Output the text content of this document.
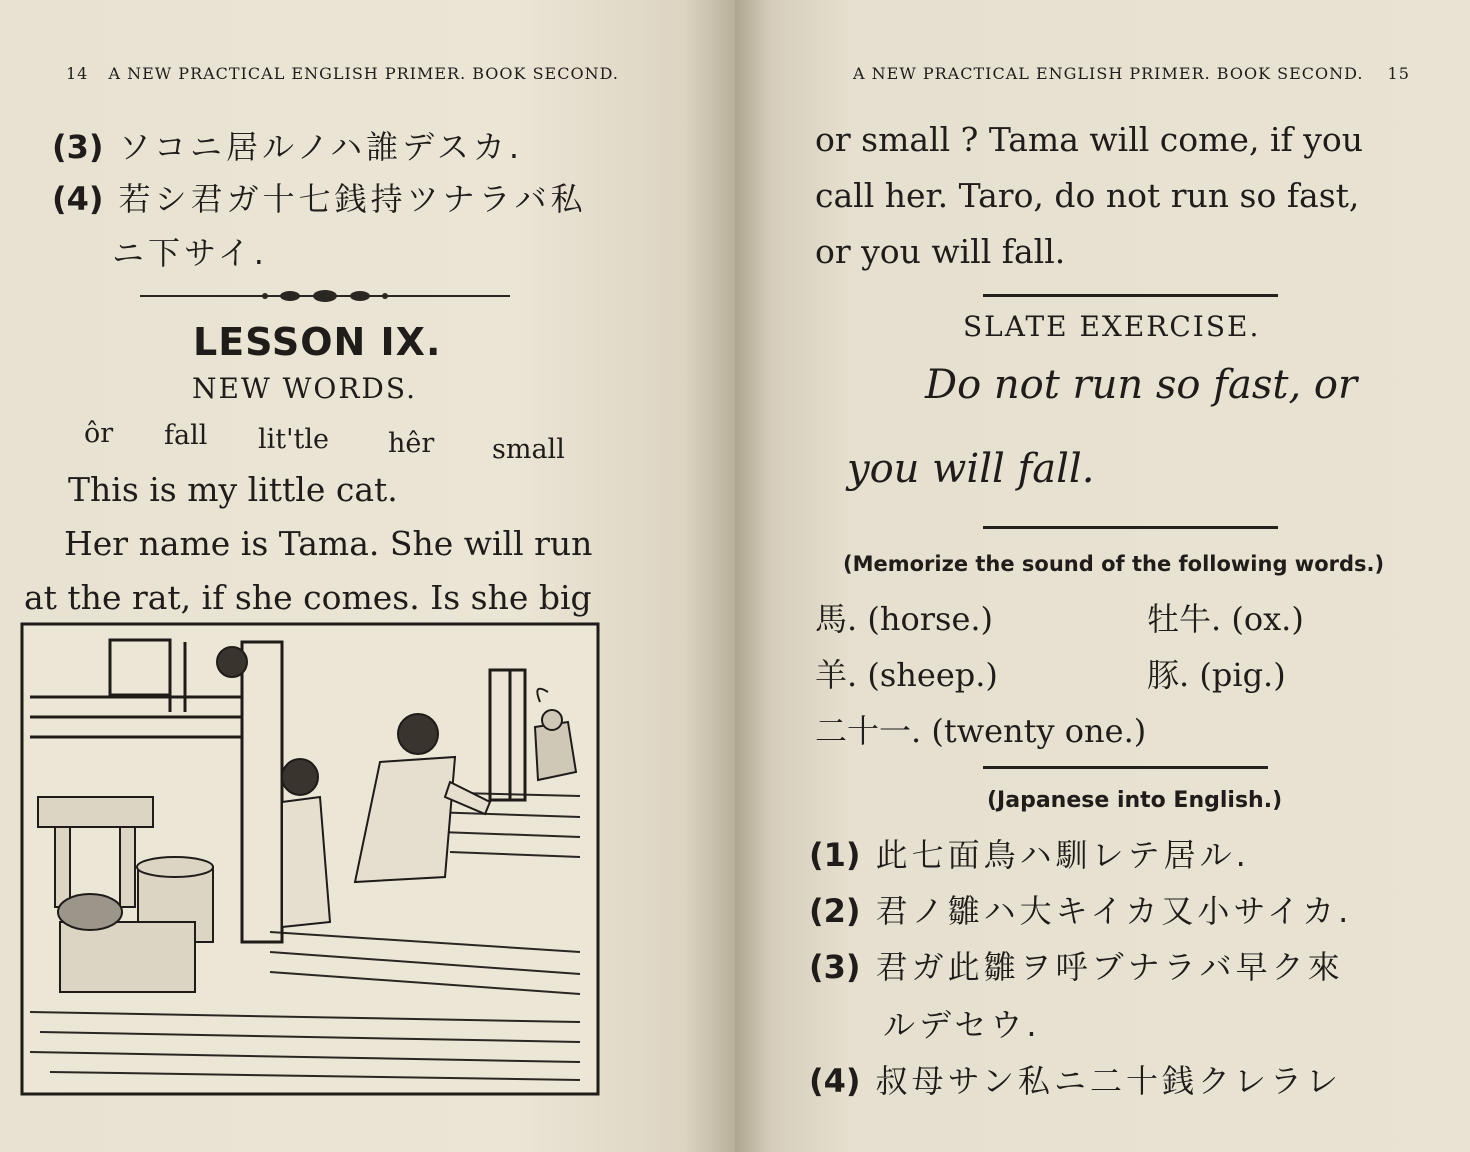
14 A NEW PRACTICAL ENGLISH PRIMER. BOOK SECOND.
(3) ソコニ居ルノハ誰デスカ.
(4) 若シ君ガ十七銭持ツナラバ私
ニ下サイ.
LESSON IX.
NEW WORDS.
ôr fall lit'tle hêr small
This is my little cat.
Her name is Tama. She will run
at the rat, if she comes. Is she big
A NEW PRACTICAL ENGLISH PRIMER. BOOK SECOND. 15
or small ? Tama will come, if you
call her. Taro, do not run so fast,
or you will fall.
SLATE EXERCISE.
Do not run so fast, or
you will fall.
(Memorize the sound of the following words.)
馬. (horse.)	牡牛. (ox.)
羊. (sheep.)	豚. (pig.)
二十一. (twenty one.)
(Japanese into English.)
(1) 此七面鳥ハ馴レテ居ル.
(2) 君ノ雛ハ大キイカ又小サイカ.
(3) 君ガ此雛ヲ呼ブナラバ早ク來
ルデセウ.
(4) 叔母サン私ニ二十銭クレラレ
